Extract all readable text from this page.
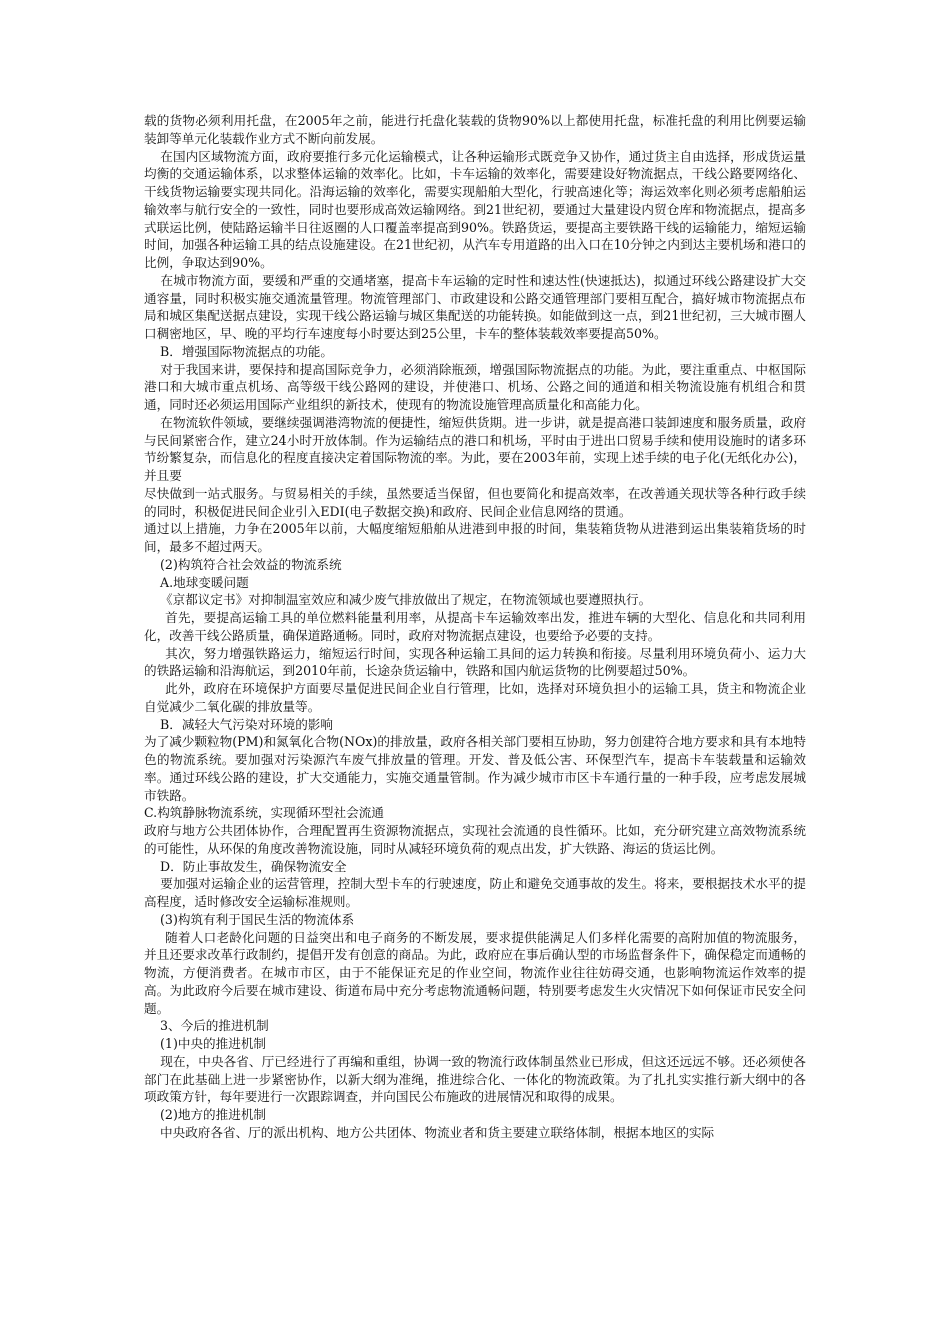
载的货物必须利用托盘，在2005年之前，能进行托盘化装载的货物90%以上都使用托盘，标准托盘的利用比例要运输装卸等单元化装载作业方式不断向前发展。

在国内区域物流方面，政府要推行多元化运输模式，让各种运输形式既竞争又协作，通过货主自由选择，形成货运量均衡的交通运输体系，以求整体运输的效率化。比如，卡车运输的效率化，需要建设好物流据点，干线公路要网络化、干线货物运输要实现共同化。沿海运输的效率化，需要实现船舶大型化，行驶高速化等；海运效率化则必须考虑船舶运输效率与航行安全的一致性，同时也要形成高效运输网络。到21世纪初，要通过大量建设内贸仓库和物流据点，提高多式联运比例，使陆路运输半日往返圈的人口覆盖率提高到90%。铁路货运，要提高主要铁路干线的运输能力，缩短运输时间，加强各种运输工具的结点设施建设。在21世纪初，从汽车专用道路的出入口在10分钟之内到达主要机场和港口的比例，争取达到90%。

在城市物流方面，要缓和严重的交通堵塞，提高卡车运输的定时性和速达性(快速抵达)，拟通过环线公路建设扩大交通容量，同时积极实施交通流量管理。物流管理部门、市政建设和公路交通管理部门要相互配合，搞好城市物流据点布局和城区集配送据点建设，实现干线公路运输与城区集配送的功能转换。如能做到这一点，到21世纪初，三大城市圈人口稠密地区，早、晚的平均行车速度每小时要达到25公里，卡车的整体装载效率要提高50%。

B．增强国际物流据点的功能。

对于我国来讲，要保持和提高国际竞争力，必须消除瓶颈，增强国际物流据点的功能。为此，要注重重点、中枢国际港口和大城市重点机场、高等级干线公路网的建设，并使港口、机场、公路之间的通道和相关物流设施有机组合和贯通，同时还必须运用国际产业组织的新技术，使现有的物流设施管理高质量化和高能力化。

在物流软件领域，要继续强调港湾物流的便捷性，缩短供货期。进一步讲，就是提高港口装卸速度和服务质量，政府与民间紧密合作，建立24小时开放体制。作为运输结点的港口和机场，平时由于进出口贸易手续和使用设施时的诸多环节纷繁复杂，而信息化的程度直接决定着国际物流的率。为此，要在2003年前，实现上述手续的电子化(无纸化办公)，并且要

尽快做到一站式服务。与贸易相关的手续，虽然要适当保留，但也要简化和提高效率，在改善通关现状等各种行政手续的同时，积极促进民间企业引入EDI(电子数据交换)和政府、民间企业信息网络的贯通。

通过以上措施，力争在2005年以前，大幅度缩短船舶从进港到申报的时间，集装箱货物从进港到运出集装箱货场的时间，最多不超过两天。

(2)构筑符合社会效益的物流系统

A.地球变暖问题

《京都议定书》对抑制温室效应和减少废气排放做出了规定，在物流领域也要遵照执行。

首先，要提高运输工具的单位燃料能量利用率，从提高卡车运输效率出发，推进车辆的大型化、信息化和共同利用化，改善干线公路质量，确保道路通畅。同时，政府对物流据点建设，也要给予必要的支持。

其次，努力增强铁路运力，缩短运行时间，实现各种运输工具间的运力转换和衔接。尽量利用环境负荷小、运力大的铁路运输和沿海航运，到2010年前，长途杂货运输中，铁路和国内航运货物的比例要超过50%。

此外，政府在环境保护方面要尽量促进民间企业自行管理，比如，选择对环境负担小的运输工具，货主和物流企业自觉减少二氧化碳的排放量等。

B．减轻大气污染对环境的影响

为了减少颗粒物(PM)和氮氧化合物(NOx)的排放量，政府各相关部门要相互协助，努力创建符合地方要求和具有本地特色的物流系统。要加强对污染源汽车废气排放量的管理。开发、普及低公害、环保型汽车，提高卡车装载量和运输效率。通过环线公路的建设，扩大交通能力，实施交通量管制。作为减少城市市区卡车通行量的一种手段，应考虑发展城市铁路。

C.构筑静脉物流系统，实现循环型社会流通

政府与地方公共团体协作，合理配置再生资源物流据点，实现社会流通的良性循环。比如，充分研究建立高效物流系统的可能性，从环保的角度改善物流设施，同时从减轻环境负荷的观点出发，扩大铁路、海运的货运比例。

D．防止事故发生，确保物流安全

要加强对运输企业的运营管理，控制大型卡车的行驶速度，防止和避免交通事故的发生。将来，要根据技术水平的提高程度，适时修改安全运输标准规则。

(3)构筑有利于国民生活的物流体系

随着人口老龄化问题的日益突出和电子商务的不断发展，要求提供能满足人们多样化需要的高附加值的物流服务，并且还要求改革行政制约，提倡开发有创意的商品。为此，政府应在事后确认型的市场监督条件下，确保稳定而通畅的物流，方便消费者。在城市市区，由于不能保证充足的作业空间，物流作业往往妨碍交通，也影响物流运作效率的提高。为此政府今后要在城市建设、街道布局中充分考虑物流通畅问题，特别要考虑发生火灾情况下如何保证市民安全问题。

3、今后的推进机制

(1)中央的推进机制

现在，中央各省、厅已经进行了再编和重组，协调一致的物流行政体制虽然业已形成，但这还远远不够。还必须使各部门在此基础上进一步紧密协作，以新大纲为准绳，推进综合化、一体化的物流政策。为了扎扎实实推行新大纲中的各项政策方针，每年要进行一次跟踪调查，并向国民公布施政的进展情况和取得的成果。

(2)地方的推进机制

中央政府各省、厅的派出机构、地方公共团体、物流业者和货主要建立联络体制，根据本地区的实际
